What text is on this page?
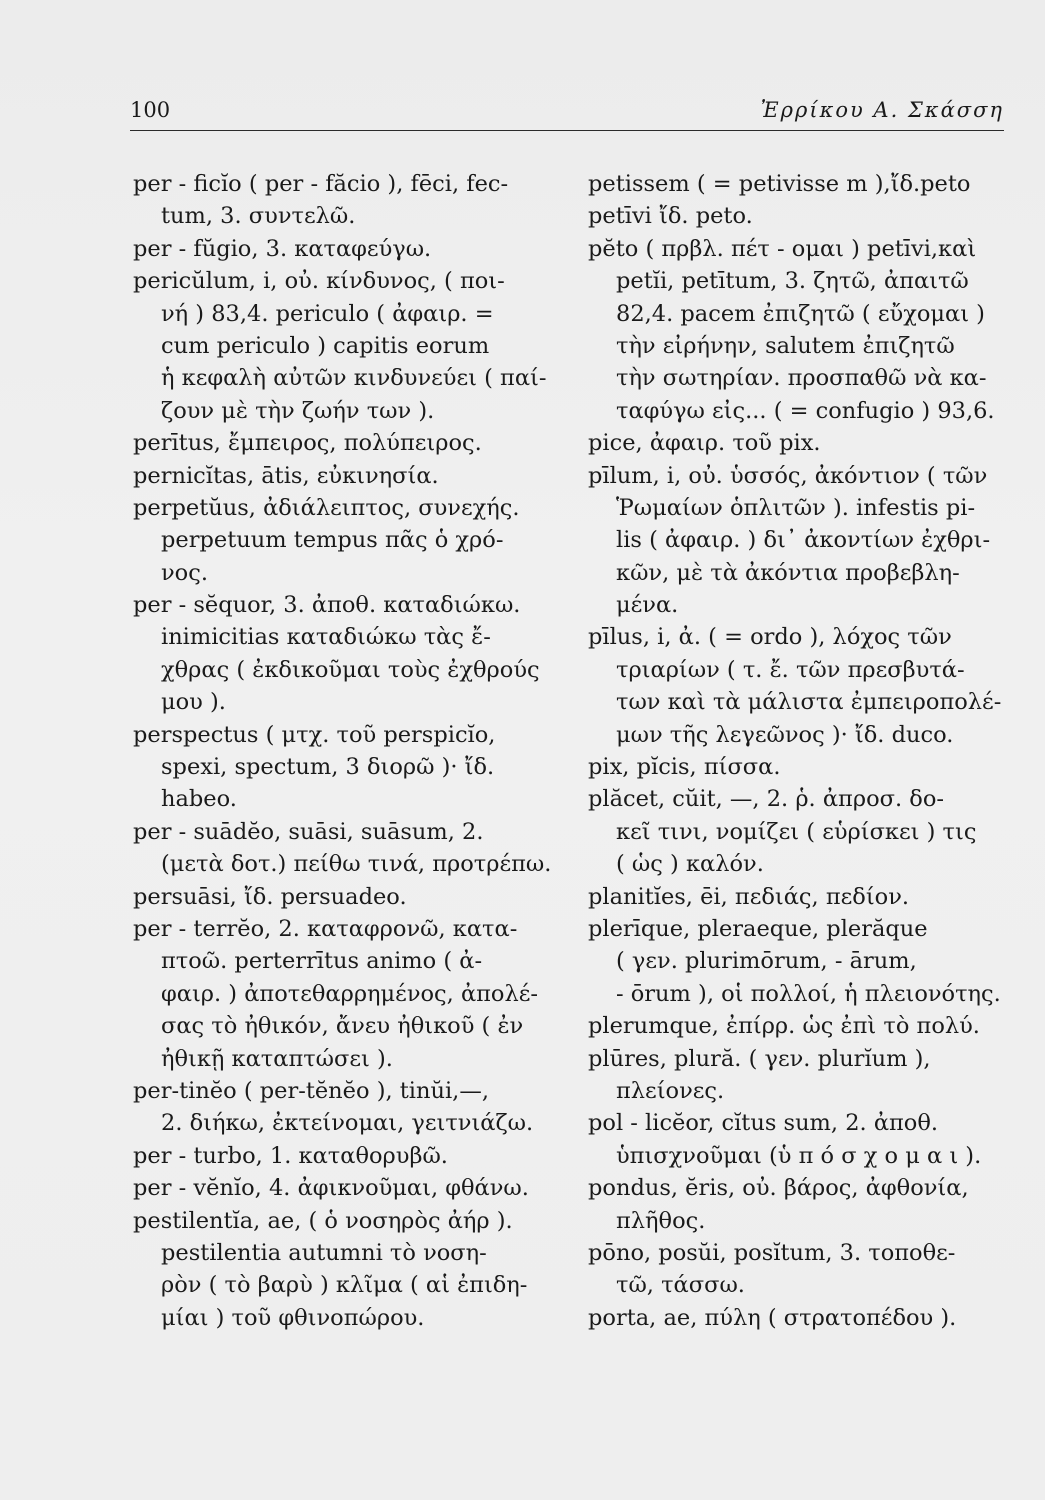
100	Ἐρρίκου Α. Σκάσση
per - ficĭo ( per - făcio ), fēci, fec-
tum, 3. συντελῶ.
per - fŭgio, 3. καταφεύγω.
pericŭlum, i, οὐ. κίνδυνος, ( ποι-
νή ) 83,4. periculo ( ἀφαιρ. =
cum periculo ) capitis eorum
ἡ κεφαλὴ αὐτῶν κινδυνεύει ( παί-
ζουν μὲ τὴν ζωήν των ).
perītus, ἔμπειρος, πολύπειρος.
pernicĭtas, ātis, εὐκινησία.
perpetŭus, ἀδιάλειπτος, συνεχής.
perpetuum tempus πᾶς ὁ χρό-
νος.
per - sĕquor, 3. ἀποθ. καταδιώκω.
inimicitias καταδιώκω τὰς ἔ-
χθρας ( ἐκδικοῦμαι τοὺς ἐχθρούς
μου ).
perspectus ( μτχ. τοῦ perspicĭo,
spexi, spectum, 3 διορῶ )· ἴδ.
habeo.
per - suādĕo, suāsi, suāsum, 2.
(μετὰ δοτ.) πείθω τινά, προτρέπω.
persuāsi, ἴδ. persuadeo.
per - terrĕo, 2. καταφρονῶ, κατα-
πτοῶ. perterrītus animo ( ἀ-
φαιρ. ) ἀποτεθαρρημένος, ἀπολέ-
σας τὸ ἠθικόν, ἄνευ ἠθικοῦ ( ἐν
ἠθικῇ καταπτώσει ).
per-tinĕo ( per-tĕnĕo ), tinŭi,—,
2. διήκω, ἐκτείνομαι, γειτνιάζω.
per - turbo, 1. καταθορυβῶ.
per - vĕnĭo, 4. ἀφικνοῦμαι, φθάνω.
pestilentĭa, ae, ( ὁ νοσηρὸς ἀήρ ).
pestilentia autumni τὸ νοση-
ρὸν ( τὸ βαρὺ ) κλῖμα ( αἱ ἐπιδη-
μίαι ) τοῦ φθινοπώρου.
petissem ( = petivisse m ),ἴδ.peto
petīvi ἴδ. peto.
pĕto ( πρβλ. πέτ - ομαι ) petīvi,καὶ
petĭi, petītum, 3. ζητῶ, ἀπαιτῶ
82,4. pacem ἐπιζητῶ ( εὔχομαι )
τὴν εἰρήνην, salutem ἐπιζητῶ
τὴν σωτηρίαν. προσπαθῶ νὰ κα-
ταφύγω εἰς... ( = confugio ) 93,6.
pice, ἀφαιρ. τοῦ pix.
pīlum, i, οὐ. ὑσσός, ἀκόντιον ( τῶν
Ῥωμαίων ὁπλιτῶν ). infestis pi-
lis ( ἀφαιρ. ) δι᾽ ἀκοντίων ἐχθρι-
κῶν, μὲ τὰ ἀκόντια προβεβλη-
μένα.
pīlus, i, ἀ. ( = ordo ), λόχος τῶν
τριαρίων ( τ. ἔ. τῶν πρεσβυτά-
των καὶ τὰ μάλιστα ἐμπειροπολέ-
μων τῆς λεγεῶνος )· ἴδ. duco.
pix, pĭcis, πίσσα.
plăcet, cŭit, —, 2. ῥ. ἀπροσ. δο-
κεῖ τινι, νομίζει ( εὑρίσκει ) τις
( ὡς ) καλόν.
planitĭes, ēi, πεδιάς, πεδίον.
plerīque, pleraeque, plerăque
( γεν. plurimōrum, - ārum,
- ōrum ), οἱ πολλοί, ἡ πλειονότης.
plerumque, ἐπίρρ. ὡς ἐπὶ τὸ πολύ.
plūres, plură. ( γεν. plurĭum ),
πλείονες.
pol - licĕor, cĭtus sum, 2. ἀποθ.
ὑπισχνοῦμαι (ὑ π ό σ χ ο μ α ι ).
pondus, ĕris, οὐ. βάρος, ἀφθονία,
πλῆθος.
pōno, posŭi, posĭtum, 3. τοποθε-
τῶ, τάσσω.
porta, ae, πύλη ( στρατοπέδου ).
